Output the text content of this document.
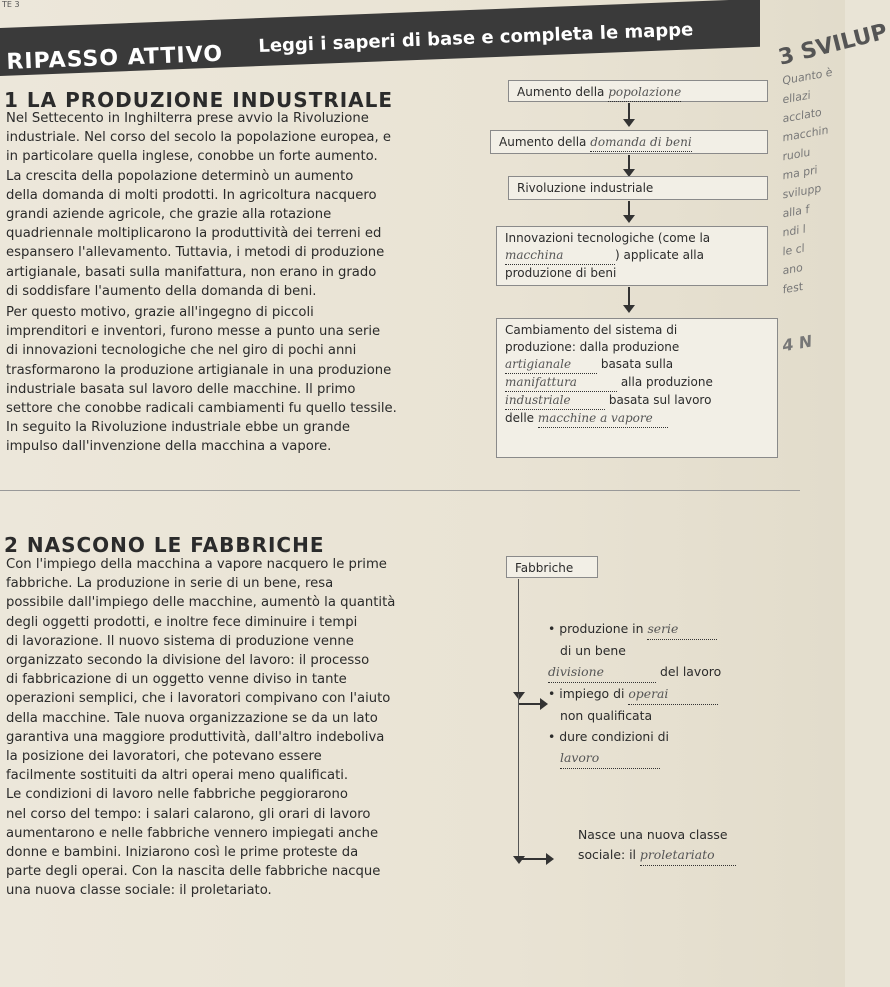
TE 3
RIPASSO ATTIVO
Leggi i saperi di base e completa le mappe	3 SVILUP
Quanto è
ellazi
acclato
macchin
ruolu
ma pri
svilupp
alla f
ndi l
le cl
ano
fest
4 N
1 LA PRODUZIONE INDUSTRIALE
Nel Settecento in Inghilterra prese avvio la Rivoluzione
industriale. Nel corso del secolo la popolazione europea, e
in particolare quella inglese, conobbe un forte aumento.
La crescita della popolazione determinò un aumento
della domanda di molti prodotti. In agricoltura nacquero
grandi aziende agricole, che grazie alla rotazione
quadriennale moltiplicarono la produttività dei terreni ed
espansero l'allevamento. Tuttavia, i metodi di produzione
artigianale, basati sulla manifattura, non erano in grado
di soddisfare l'aumento della domanda di beni.
Per questo motivo, grazie all'ingegno di piccoli
imprenditori e inventori, furono messe a punto una serie
di innovazioni tecnologiche che nel giro di pochi anni
trasformarono la produzione artigianale in una produzione
industriale basata sul lavoro delle macchine. Il primo
settore che conobbe radicali cambiamenti fu quello tessile.
In seguito la Rivoluzione industriale ebbe un grande
impulso dall'invenzione della macchina a vapore.
Aumento della popolazione
Aumento della domanda di beni
Rivoluzione industriale
Innovazioni tecnologiche (come la
macchina	) applicate alla
produzione di beni
Cambiamento del sistema di
produzione: dalla produzione
artigianale basata sulla
manifattura	alla produzione
industriale	basata sul lavoro
delle macchine a vapore
2 NASCONO LE FABBRICHE
Con l'impiego della macchina a vapore nacquero le prime
fabbriche. La produzione in serie di un bene, resa
possibile dall'impiego delle macchine, aumentò la quantità
degli oggetti prodotti, e inoltre fece diminuire i tempi
di lavorazione. Il nuovo sistema di produzione venne
organizzato secondo la divisione del lavoro: il processo
di fabbricazione di un oggetto venne diviso in tante
operazioni semplici, che i lavoratori compivano con l'aiuto
della macchine. Tale nuova organizzazione se da un lato
garantiva una maggiore produttività, dall'altro indeboliva
la posizione dei lavoratori, che potevano essere
facilmente sostituiti da altri operai meno qualificati.
Le condizioni di lavoro nelle fabbriche peggiorarono
nel corso del tempo: i salari calarono, gli orari di lavoro
aumentarono e nelle fabbriche vennero impiegati anche
donne e bambini. Iniziarono così le prime proteste da
parte degli operai. Con la nascita delle fabbriche nacque
una nuova classe sociale: il proletariato.
Fabbriche
• produzione in serie
di un bene
divisione	del lavoro
• impiego di operai
non qualificata
• dure condizioni di
lavoro
Nasce una nuova classe
sociale: il proletariato
